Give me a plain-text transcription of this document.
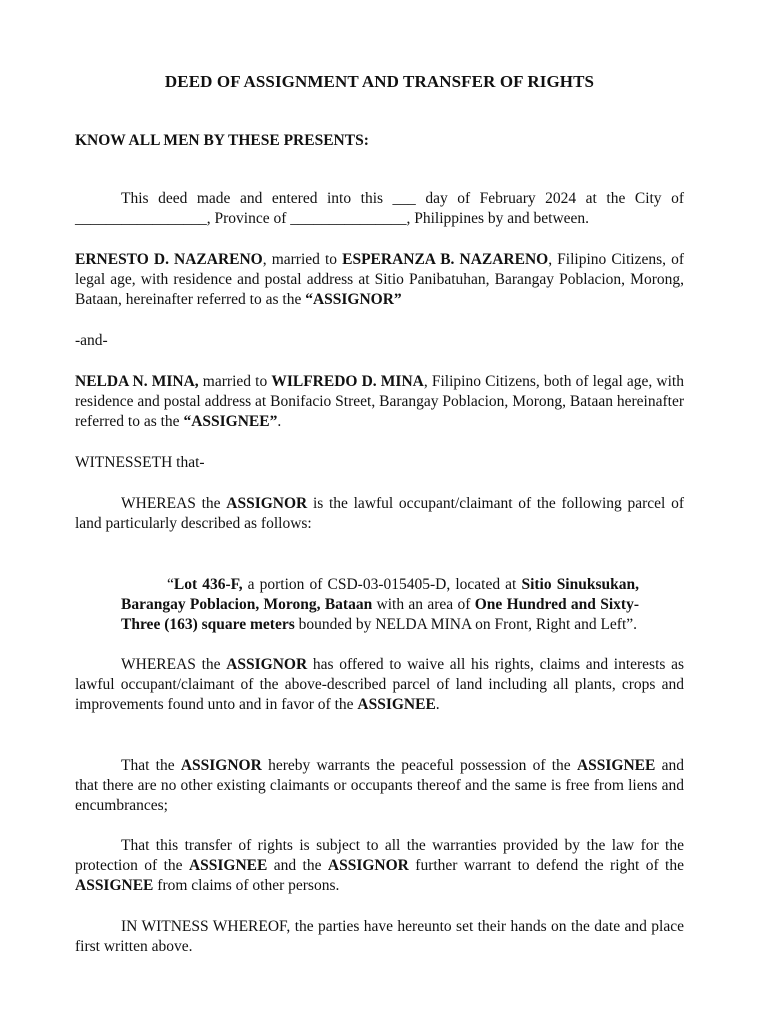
DEED OF ASSIGNMENT AND TRANSFER OF RIGHTS
KNOW ALL MEN BY THESE PRESENTS:

This deed made and entered into this ___ day of February 2024 at the City of _________________, Province of _______________, Philippines by and between.

ERNESTO D. NAZARENO, married to ESPERANZA B. NAZARENO, Filipino Citizens, of legal age, with residence and postal address at Sitio Panibatuhan, Barangay Poblacion, Morong, Bataan, hereinafter referred to as the “ASSIGNOR”

-and-

NELDA N. MINA, married to WILFREDO D. MINA, Filipino Citizens, both of legal age, with residence and postal address at Bonifacio Street, Barangay Poblacion, Morong, Bataan hereinafter referred to as the “ASSIGNEE”.

WITNESSETH that-

WHEREAS the ASSIGNOR is the lawful occupant/claimant of the following parcel of land particularly described as follows:

“Lot 436-F, a portion of CSD-03-015405-D, located at Sitio Sinuksukan, Barangay Poblacion, Morong, Bataan with an area of One Hundred and Sixty-Three (163) square meters bounded by NELDA MINA on Front, Right and Left”.

WHEREAS the ASSIGNOR has offered to waive all his rights, claims and interests as lawful occupant/claimant of the above-described parcel of land including all plants, crops and improvements found unto and in favor of the ASSIGNEE.

That the ASSIGNOR hereby warrants the peaceful possession of the ASSIGNEE and that there are no other existing claimants or occupants thereof and the same is free from liens and encumbrances;

That this transfer of rights is subject to all the warranties provided by the law for the protection of the ASSIGNEE and the ASSIGNOR further warrant to defend the right of the ASSIGNEE from claims of other persons.

IN WITNESS WHEREOF, the parties have hereunto set their hands on the date and place first written above.
